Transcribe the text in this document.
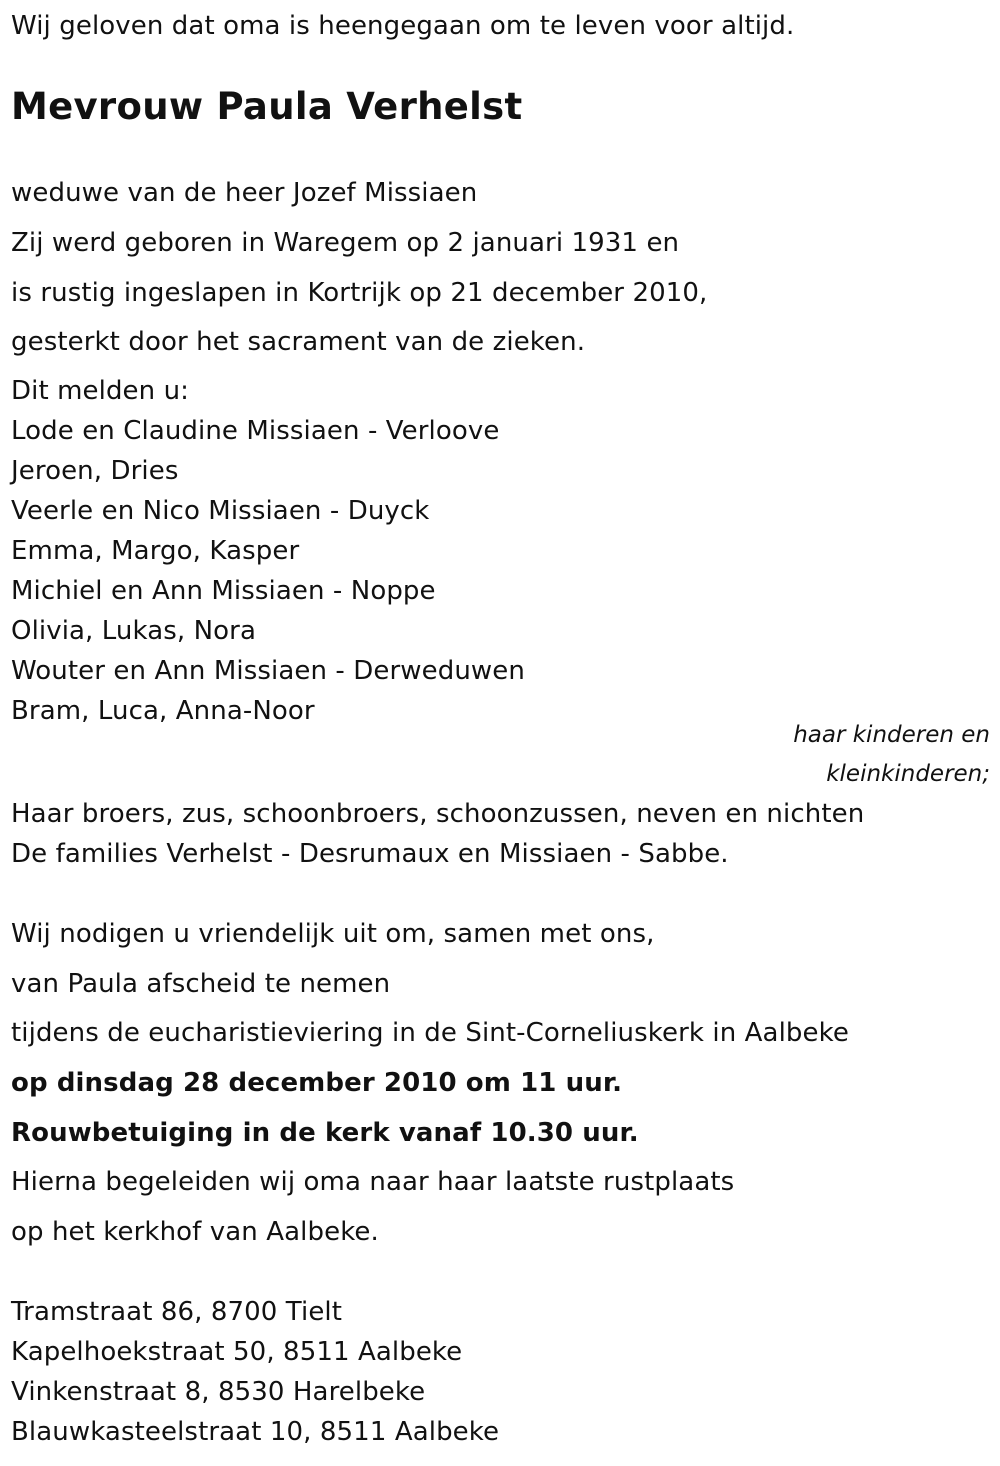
Wij geloven dat oma is heengegaan om te leven voor altijd.
Mevrouw Paula Verhelst
weduwe van de heer Jozef Missiaen
Zij werd geboren in Waregem op 2 januari 1931 en
is rustig ingeslapen in Kortrijk op 21 december 2010,
gesterkt door het sacrament van de zieken.
Dit melden u:
Lode en Claudine Missiaen - Verloove
Jeroen, Dries
Veerle en Nico Missiaen - Duyck
Emma, Margo, Kasper
Michiel en Ann Missiaen - Noppe
Olivia, Lukas, Nora
Wouter en Ann Missiaen - Derweduwen
Bram, Luca, Anna-Noor
haar kinderen en
kleinkinderen;
Haar broers, zus, schoonbroers, schoonzussen, neven en nichten
De families Verhelst - Desrumaux en Missiaen - Sabbe.
Wij nodigen u vriendelijk uit om, samen met ons,
van Paula afscheid te nemen
tijdens de eucharistieviering in de Sint-Corneliuskerk in Aalbeke
op dinsdag 28 december 2010 om 11 uur.
Rouwbetuiging in de kerk vanaf 10.30 uur.
Hierna begeleiden wij oma naar haar laatste rustplaats
op het kerkhof van Aalbeke.
Tramstraat 86, 8700 Tielt
Kapelhoekstraat 50, 8511 Aalbeke
Vinkenstraat 8, 8530 Harelbeke
Blauwkasteelstraat 10, 8511 Aalbeke
